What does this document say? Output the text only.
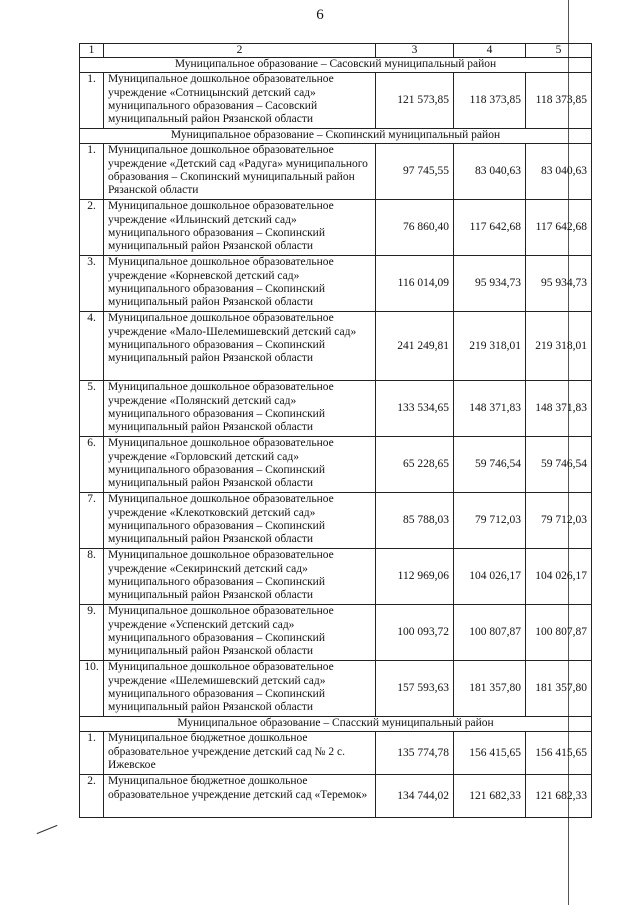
6
1	2	3	4	5
Муниципальное образование – Сасовский муниципальный район				
1.	Муниципальное дошкольное образовательное учреждение «Сотницынский детский сад» муниципального образования – Сасовский муниципальный район Рязанской области	121 573,85	118 373,85	118 373,85
Муниципальное образование – Скопинский муниципальный район				
1.	Муниципальное дошкольное образовательное учреждение «Детский сад «Радуга» муниципального образования – Скопинский муниципальный район Рязанской области	97 745,55	83 040,63	83 040,63
2.	Муниципальное дошкольное образовательное учреждение «Ильинский детский сад» муниципального образования – Скопинский муниципальный район Рязанской области	76 860,40	117 642,68	117 642,68
3.	Муниципальное дошкольное образовательное учреждение «Корневской детский сад» муниципального образования – Скопинский муниципальный район Рязанской области	116 014,09	95 934,73	95 934,73
4.	Муниципальное дошкольное образовательное учреждение «Мало-Шелемишевский детский сад» муниципального образования – Скопинский муниципальный район Рязанской области	241 249,81	219 318,01	219 318,01
5.	Муниципальное дошкольное образовательное учреждение «Полянский детский сад» муниципального образования – Скопинский муниципальный район Рязанской области	133 534,65	148 371,83	148 371,83
6.	Муниципальное дошкольное образовательное учреждение «Горловский детский сад» муниципального образования – Скопинский муниципальный район Рязанской области	65 228,65	59 746,54	59 746,54
7.	Муниципальное дошкольное образовательное учреждение «Клекотковский детский сад» муниципального образования – Скопинский муниципальный район Рязанской области	85 788,03	79 712,03	79 712,03
8.	Муниципальное дошкольное образовательное учреждение «Секиринский детский сад» муниципального образования – Скопинский муниципальный район Рязанской области	112 969,06	104 026,17	104 026,17
9.	Муниципальное дошкольное образовательное учреждение «Успенский детский сад» муниципального образования – Скопинский муниципальный район Рязанской области	100 093,72	100 807,87	100 807,87
10.	Муниципальное дошкольное образовательное учреждение «Шелемишевский детский сад» муниципального образования – Скопинский муниципальный район Рязанской области	157 593,63	181 357,80	181 357,80
Муниципальное образование – Спасский муниципальный район				
1.	Муниципальное бюджетное дошкольное образовательное учреждение детский сад № 2 с. Ижевское	135 774,78	156 415,65	156 415,65
2.	Муниципальное бюджетное дошкольное образовательное учреждение детский сад «Теремок»	134 744,02	121 682,33	121 682,33
